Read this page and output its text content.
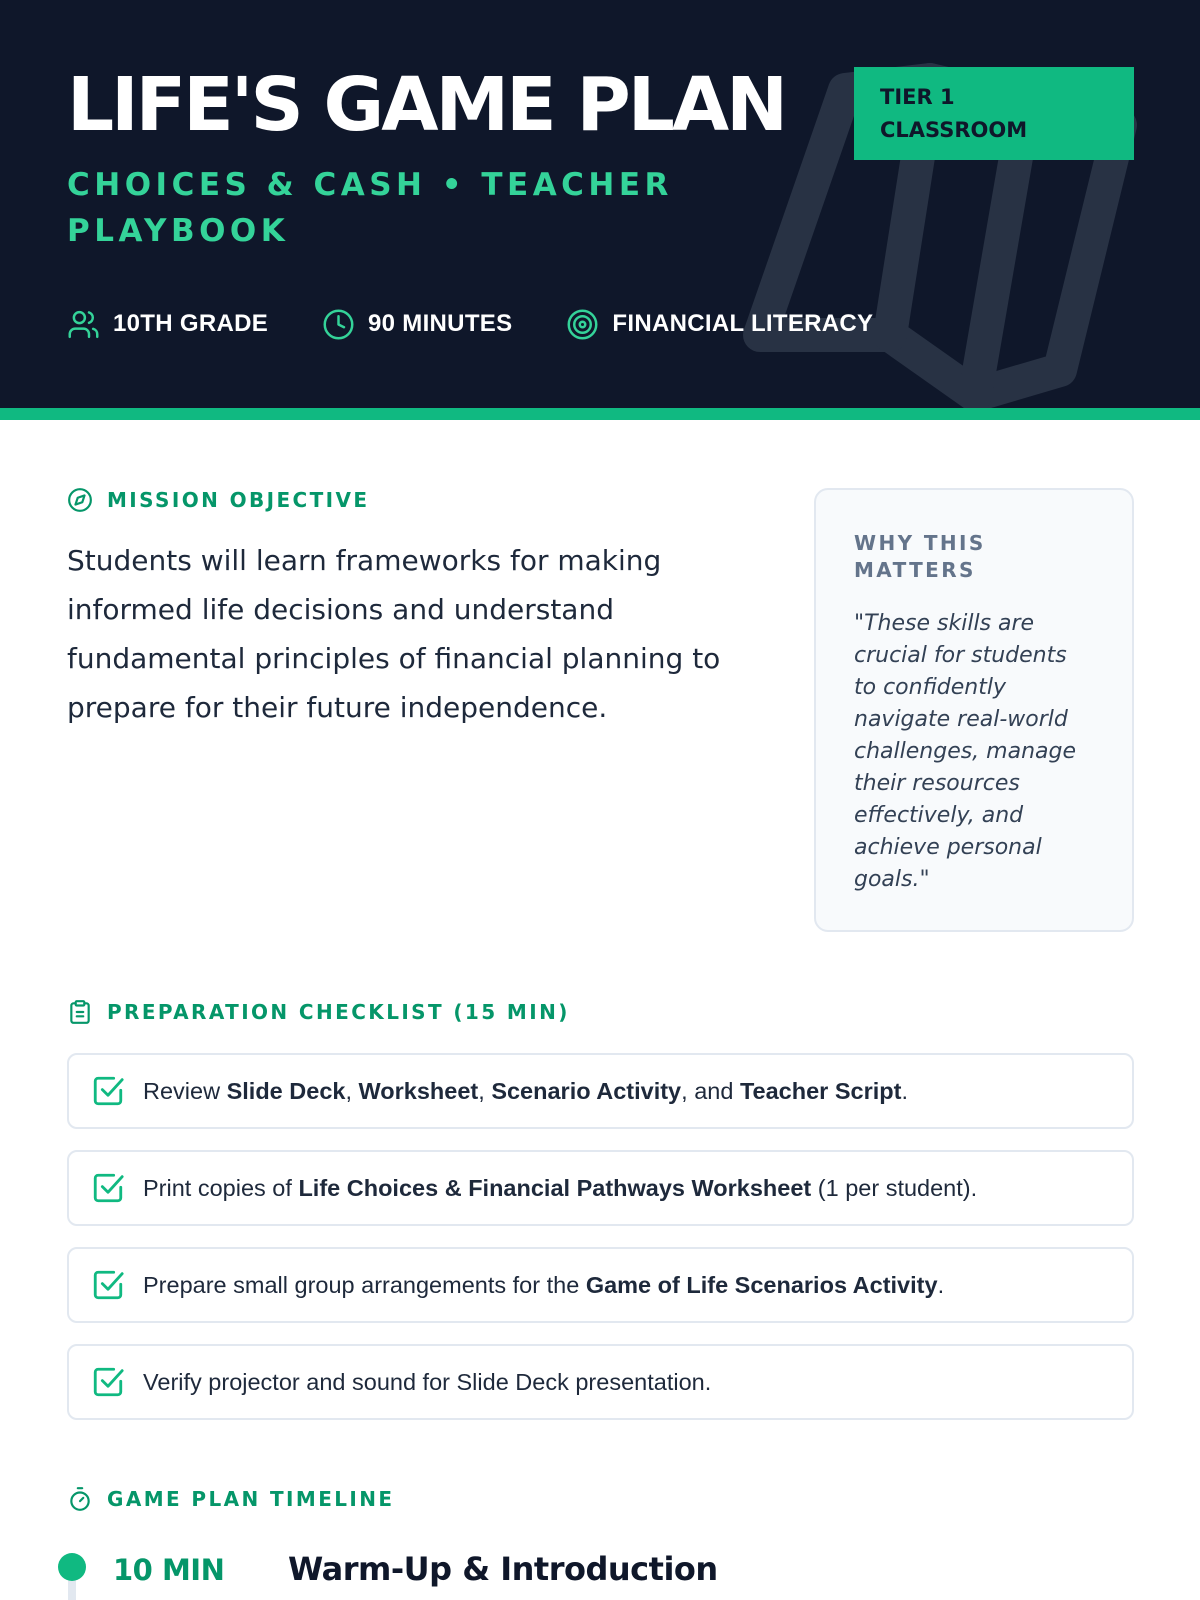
LIFE'S GAME PLAN
CHOICES & CASH • TEACHER PLAYBOOK
TIER 1
CLASSROOM
10TH GRADE	90 MINUTES	FINANCIAL LITERACY
MISSION OBJECTIVE

Students will learn frameworks for making informed life decisions and understand fundamental principles of financial planning to prepare for their future independence.

WHY THIS MATTERS
"These skills are crucial for students to confidently navigate real-world challenges, manage their resources effectively, and achieve personal goals."
PREPARATION CHECKLIST (15 MIN)
Review Slide Deck, Worksheet, Scenario Activity, and Teacher Script.
Print copies of Life Choices & Financial Pathways Worksheet (1 per student).
Prepare small group arrangements for the Game of Life Scenarios Activity.
Verify projector and sound for Slide Deck presentation.
GAME PLAN TIMELINE
10 MIN Warm-Up & Introduction
